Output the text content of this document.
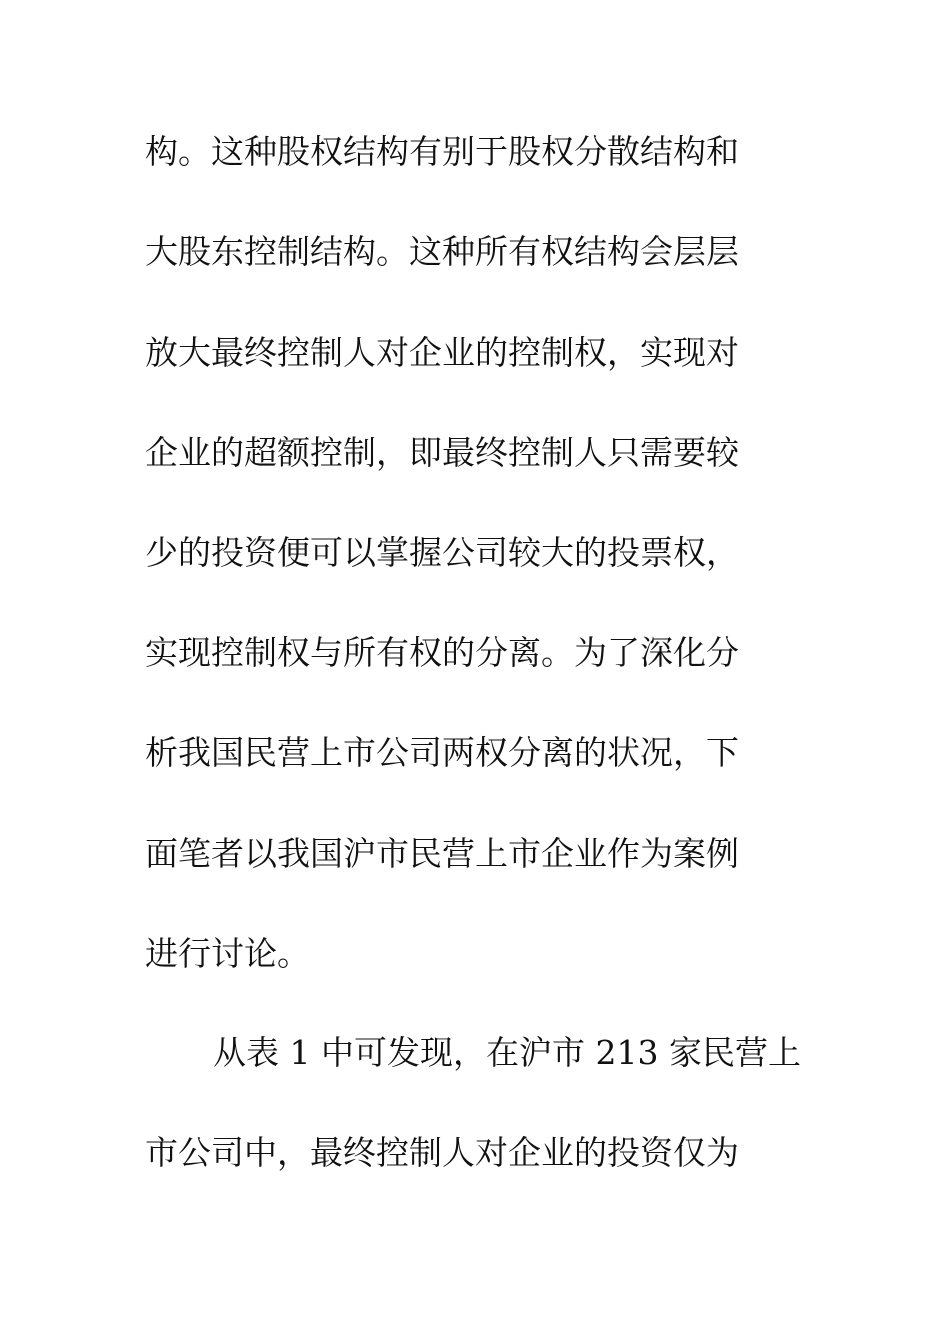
构。这种股权结构有别于股权分散结构和
大股东控制结构。这种所有权结构会层层
放大最终控制人对企业的控制权，实现对
企业的超额控制，即最终控制人只需要较
少的投资便可以掌握公司较大的投票权，
实现控制权与所有权的分离。为了深化分
析我国民营上市公司两权分离的状况，下
面笔者以我国沪市民营上市企业作为案例
进行讨论。
从表 1 中可发现，在沪市 213 家民营上
市公司中，最终控制人对企业的投资仅为
